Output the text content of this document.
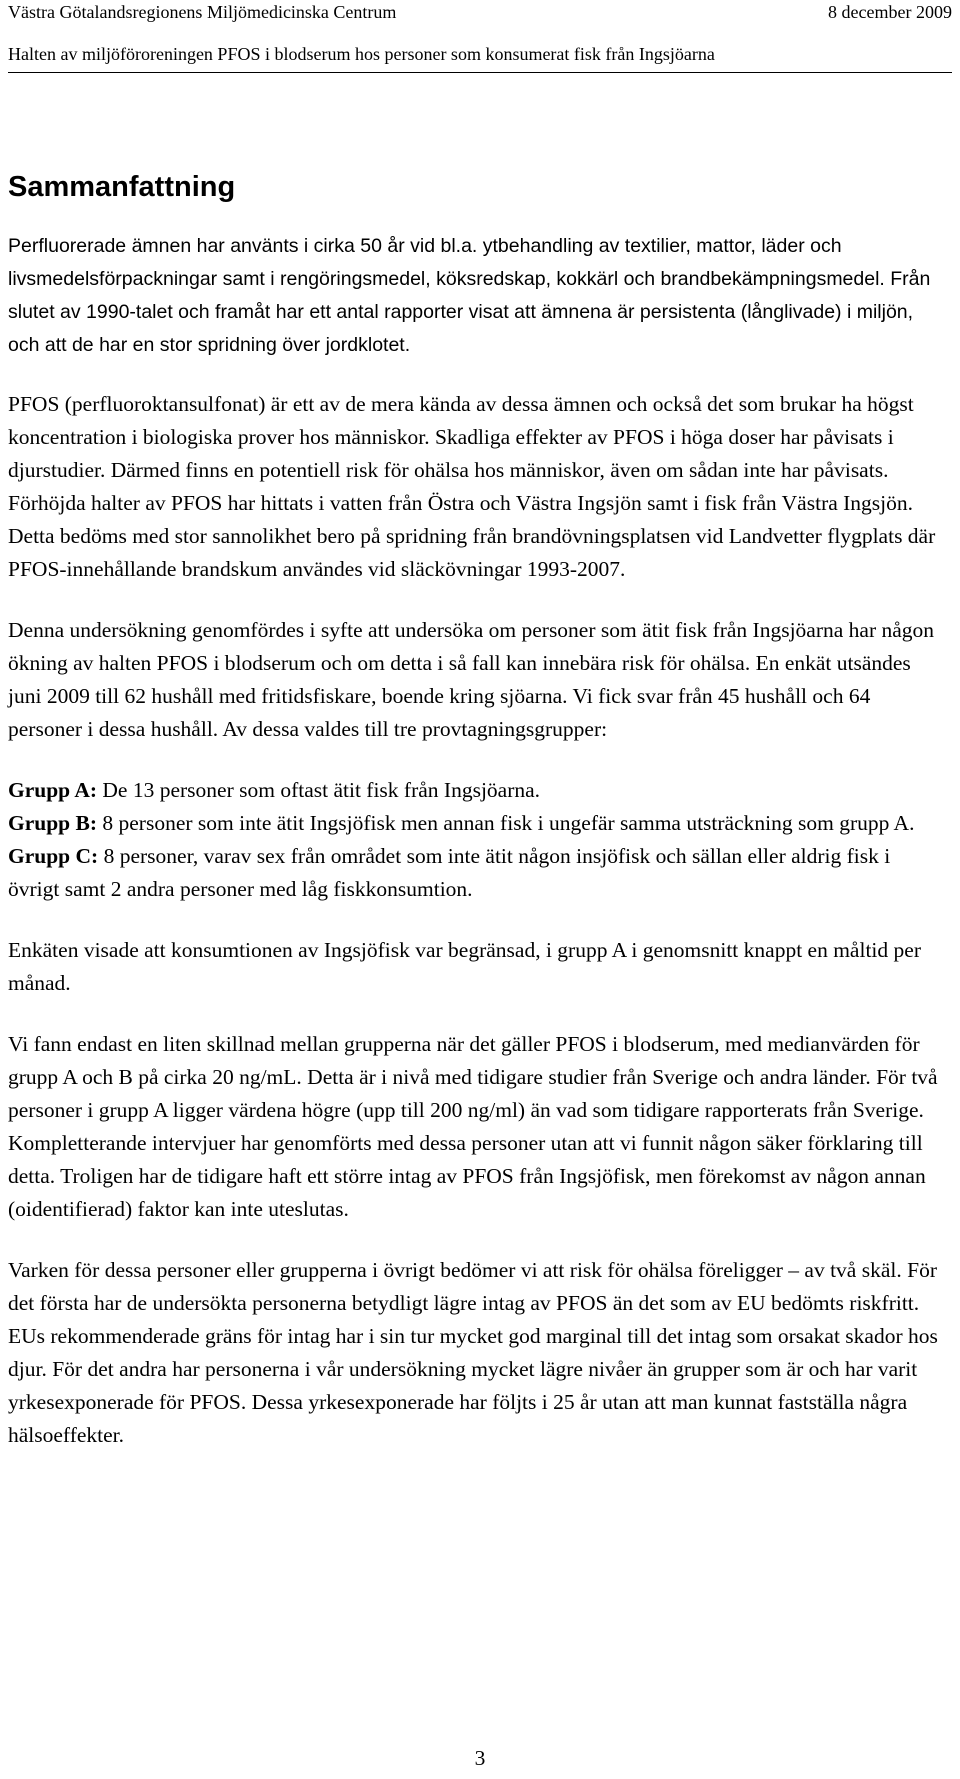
Västra Götalandsregionens Miljömedicinska Centrum	8 december 2009
Halten av miljöföroreningen PFOS i blodserum hos personer som konsumerat fisk från Ingsjöarna
Sammanfattning

Perfluorerade ämnen har använts i cirka 50 år vid bl.a. ytbehandling av textilier, mattor, läder och livsmedelsförpackningar samt i rengöringsmedel, köksredskap, kokkärl och brandbekämpningsmedel. Från slutet av 1990-talet och framåt har ett antal rapporter visat att ämnena är persistenta (långlivade) i miljön, och att de har en stor spridning över jordklotet.

PFOS (perfluoroktansulfonat) är ett av de mera kända av dessa ämnen och också det som brukar ha högst koncentration i biologiska prover hos människor. Skadliga effekter av PFOS i höga doser har påvisats i djurstudier. Därmed finns en potentiell risk för ohälsa hos människor, även om sådan inte har påvisats. Förhöjda halter av PFOS har hittats i vatten från Östra och Västra Ingsjön samt i fisk från Västra Ingsjön. Detta bedöms med stor sannolikhet bero på spridning från brandövningsplatsen vid Landvetter flygplats där PFOS-innehållande brandskum användes vid släckövningar 1993-2007.

Denna undersökning genomfördes i syfte att undersöka om personer som ätit fisk från Ingsjöarna har någon ökning av halten PFOS i blodserum och om detta i så fall kan innebära risk för ohälsa. En enkät utsändes juni 2009 till 62 hushåll med fritidsfiskare, boende kring sjöarna. Vi fick svar från 45 hushåll och 64 personer i dessa hushåll. Av dessa valdes till tre provtagningsgrupper:

Grupp A: De 13 personer som oftast ätit fisk från Ingsjöarna.

Grupp B: 8 personer som inte ätit Ingsjöfisk men annan fisk i ungefär samma utsträckning som grupp A.

Grupp C: 8 personer, varav sex från området som inte ätit någon insjöfisk och sällan eller aldrig fisk i övrigt samt 2 andra personer med låg fiskkonsumtion.

Enkäten visade att konsumtionen av Ingsjöfisk var begränsad, i grupp A i genomsnitt knappt en måltid per månad.

Vi fann endast en liten skillnad mellan grupperna när det gäller PFOS i blodserum, med medianvärden för grupp A och B på cirka 20 ng/mL. Detta är i nivå med tidigare studier från Sverige och andra länder. För två personer i grupp A ligger värdena högre (upp till 200 ng/ml) än vad som tidigare rapporterats från Sverige. Kompletterande intervjuer har genomförts med dessa personer utan att vi funnit någon säker förklaring till detta. Troligen har de tidigare haft ett större intag av PFOS från Ingsjöfisk, men förekomst av någon annan (oidentifierad) faktor kan inte uteslutas.

Varken för dessa personer eller grupperna i övrigt bedömer vi att risk för ohälsa föreligger – av två skäl. För det första har de undersökta personerna betydligt lägre intag av PFOS än det som av EU bedömts riskfritt. EUs rekommenderade gräns för intag har i sin tur mycket god marginal till det intag som orsakat skador hos djur. För det andra har personerna i vår undersökning mycket lägre nivåer än grupper som är och har varit yrkesexponerade för PFOS. Dessa yrkesexponerade har följts i 25 år utan att man kunnat fastställa några hälsoeffekter.

3
